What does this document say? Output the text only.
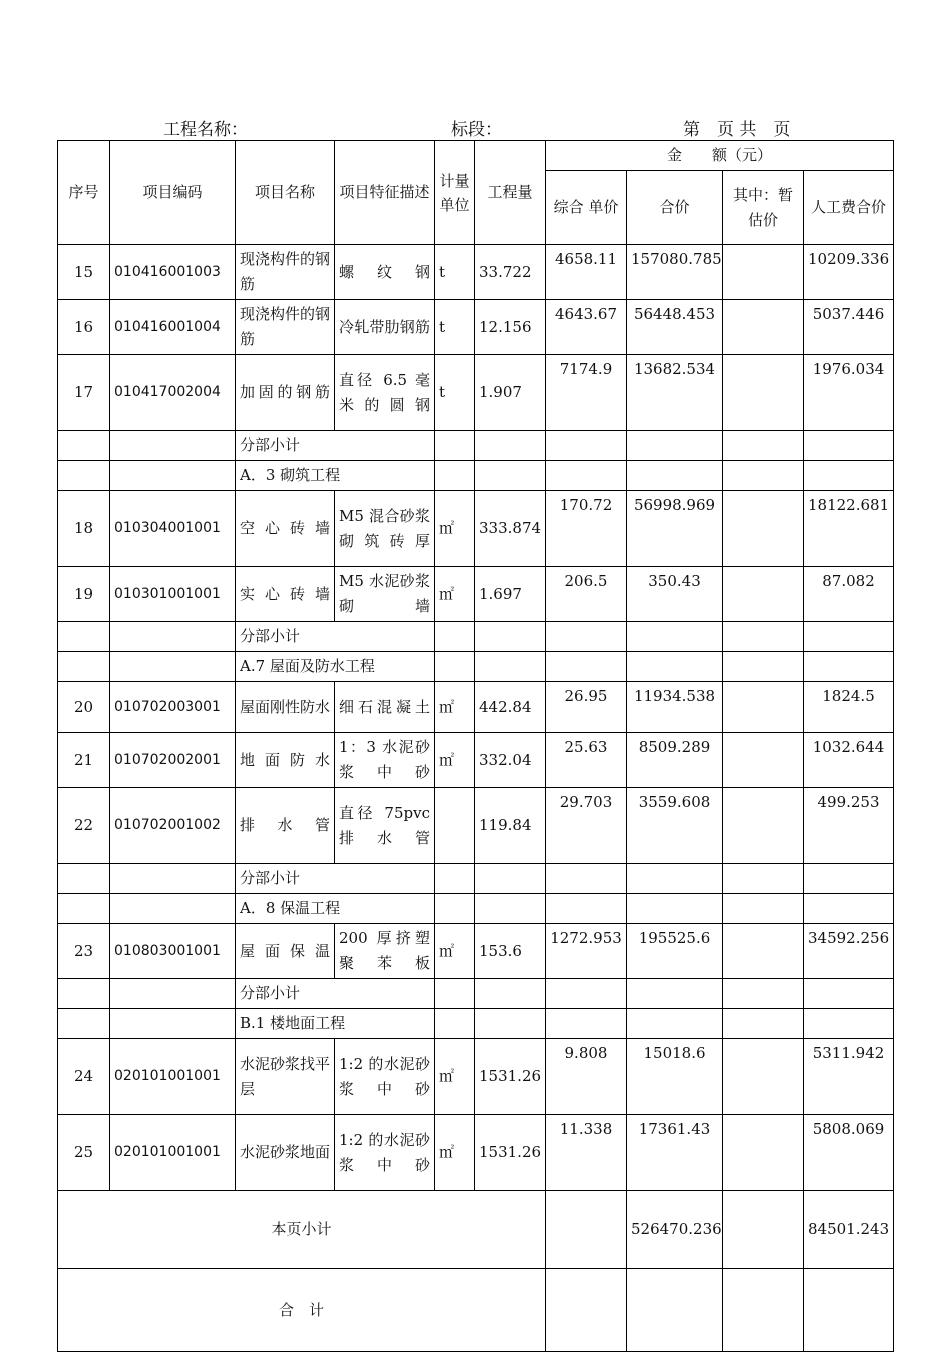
工程名称：	标段：	第　页 共　页
序号	项目编码	项目名称	项目特征描述	计量单位	工程量	金　　额（元）			
						综合 单价	合价	其中：暂估价	人工费合价
15	010416001003	现浇构件的钢筋	螺纹钢	t	33.722	4658.11	157080.785		10209.336
16	010416001004	现浇构件的钢筋	冷轧带肋钢筋	t	12.156	4643.67	56448.453		5037.446
17	010417002004	加固的钢筋	直径 6.5 毫米的圆钢	t	1.907	7174.9	13682.534		1976.034
		分部小计							
		A．3 砌筑工程							
18	010304001001	空心砖墙	M5 混合砂浆砌筑砖厚	㎡	333.874	170.72	56998.969		18122.681
19	010301001001	实心砖墙	M5 水泥砂浆砌墙	㎡	1.697	206.5	350.43		87.082
		分部小计							
		A.7 屋面及防水工程							
20	010702003001	屋面刚性防水	细石混凝土	㎡	442.84	26.95	11934.538		1824.5
21	010702002001	地面防水	1：3 水泥砂浆中砂	㎡	332.04	25.63	8509.289		1032.644
22	010702001002	排水管	直径 75pvc 排水管		119.84	29.703	3559.608		499.253
		分部小计							
		A．8 保温工程							
23	010803001001	屋面保温	200 厚挤塑聚苯板	㎡	153.6	1272.953	195525.6		34592.256
		分部小计							
		B.1 楼地面工程							
24	020101001001	水泥砂浆找平层	1:2 的水泥砂浆中砂	㎡	1531.26	9.808	15018.6		5311.942
25	020101001001	水泥砂浆地面	1:2 的水泥砂浆中砂	㎡	1531.26	11.338	17361.43		5808.069
本页小计							526470.236		84501.243
合　计									
